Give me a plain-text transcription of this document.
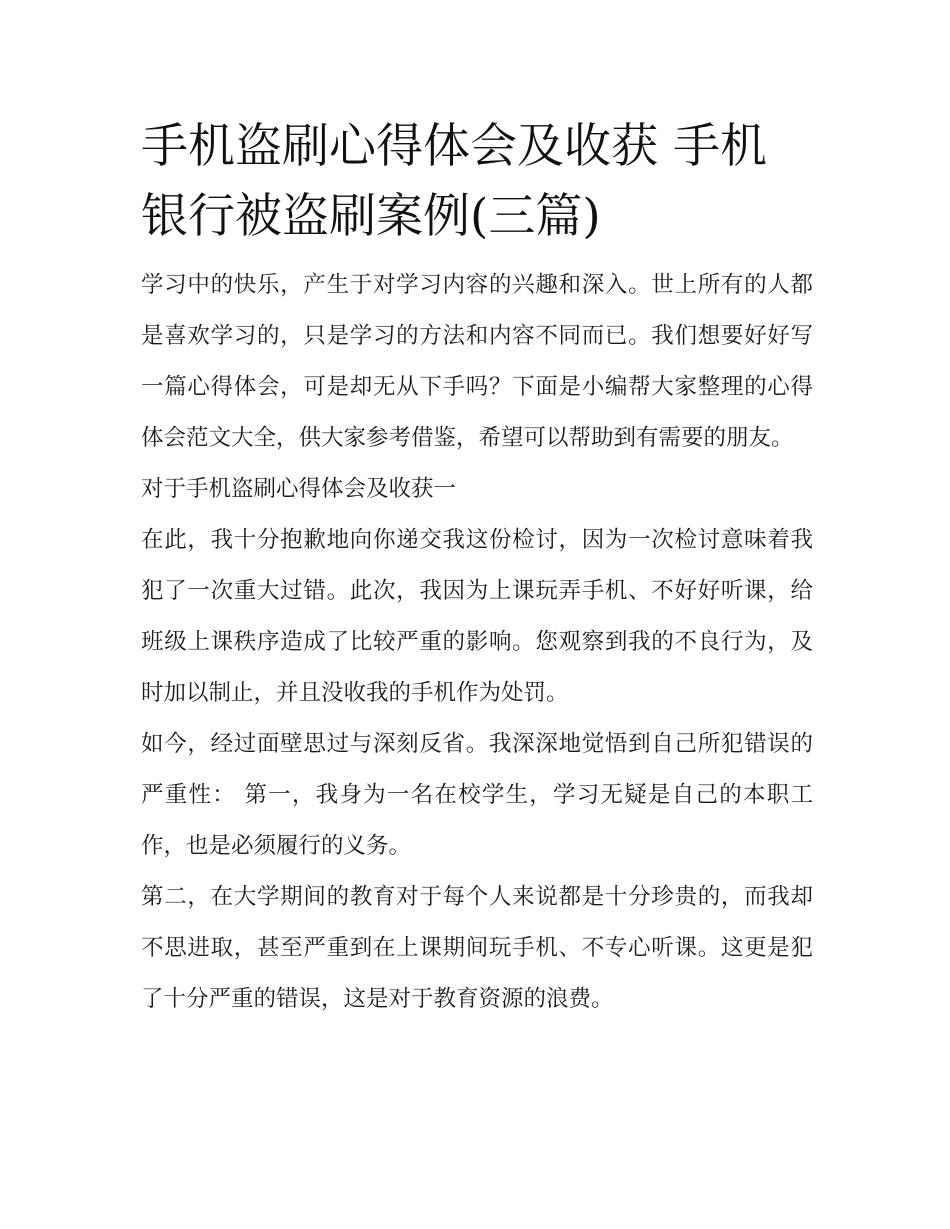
手机盗刷心得体会及收获 手机银行被盗刷案例(三篇)

学习中的快乐，产生于对学习内容的兴趣和深入。世上所有的人都是喜欢学习的，只是学习的方法和内容不同而已。我们想要好好写一篇心得体会，可是却无从下手吗？下面是小编帮大家整理的心得体会范文大全，供大家参考借鉴，希望可以帮助到有需要的朋友。

对于手机盗刷心得体会及收获一

在此，我十分抱歉地向你递交我这份检讨，因为一次检讨意味着我犯了一次重大过错。此次，我因为上课玩弄手机、不好好听课，给班级上课秩序造成了比较严重的影响。您观察到我的不良行为，及时加以制止，并且没收我的手机作为处罚。

如今，经过面壁思过与深刻反省。我深深地觉悟到自己所犯错误的严重性： 第一，我身为一名在校学生，学习无疑是自己的本职工作，也是必须履行的义务。

第二，在大学期间的教育对于每个人来说都是十分珍贵的，而我却不思进取，甚至严重到在上课期间玩手机、不专心听课。这更是犯了十分严重的错误，这是对于教育资源的浪费。
